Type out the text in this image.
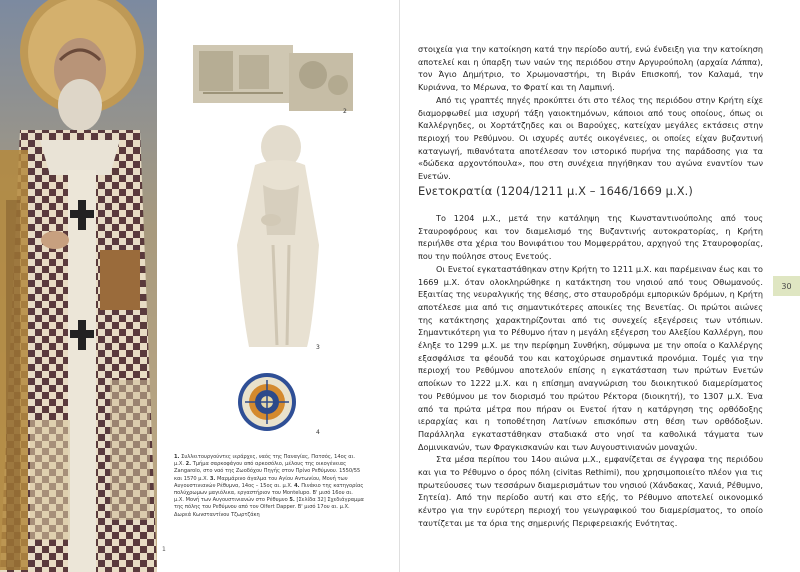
2
3
4
1. Συλλειτουργούντες ιεράρχες, ναός της Παναγίας, Πατσός, 14ος αι. μ.Χ. 2. Τμήμα σαρκοφάγου από αρκοσόλιο, μέλους της οικογένειας Zangarolo, στο ναό της Ζωοδόχου Πηγής στον Πρίνο Ρεθύμνου. 1550/55 και 1570 μ.Χ. 3. Μαρμάρινο άγαλμα του Αγίου Αντωνίου, Μονή των Αυγουστινιανών Ρέθυμνα, 14ος – 15ος αι. μ.Χ. 4. Πινάκιο της κατηγορίας πολύχρωμων μαγιόλικα, εργαστήριον του Montelupo. Β' μισό 16ου αι. μ.Χ. Μονή των Αυγουστινιανών στο Ρέθυμνο 5. [Σελίδα 32] Σχεδιάγραμμα της πόλης του Ρεθύμνου από τον Olfert Dapper. Β' μισό 17ου αι. μ.Χ. Δωρεά Κωνσταντίνου Τζωρτζάκη
1

στοιχεία για την κατοίκηση κατά την περίοδο αυτή, ενώ ένδειξη για την κατοίκηση αποτελεί και η ύπαρξη των ναών της περιόδου στην Αργυρούπολη (αρχαία Λάππα), τον Άγιο Δημήτριο, το Χρωμοναστήρι, τη Βιράν Επισκοπή, τον Καλαμά, την Κυριάννα, το Μέρωνα, το Φρατί και τη Λαμπινή.

Από τις γραπτές πηγές προκύπτει ότι στο τέλος της περιόδου στην Κρήτη είχε διαμορφωθεί μια ισχυρή τάξη γαιοκτημόνων, κάποιοι από τους οποίους, όπως οι Καλλέργηδες, οι Χορτάτζηδες και οι Βαρούχες, κατείχαν μεγάλες εκτάσεις στην περιοχή του Ρεθύμνου. Οι ισχυρές αυτές οικογένειες, οι οποίες είχαν βυζαντινή καταγωγή, πιθανότατα αποτέλεσαν τον ιστορικό πυρήνα της παράδοσης για τα «δώδεκα αρχοντόπουλα», που στη συνέχεια πηγήθηκαν του αγώνα εναντίον των Ενετών.

Ενετοκρατία (1204/1211 μ.Χ – 1646/1669 μ.Χ.)

Το 1204 μ.Χ., μετά την κατάληψη της Κωνσταντινούπολης από τους Σταυροφόρους και τον διαμελισμό της Βυζαντινής αυτοκρατορίας, η Κρήτη περιήλθε στα χέρια του Βονιφάτιου του Μομφερράτου, αρχηγού της Σταυροφορίας, που την πούλησε στους Ενετούς.

Οι Ενετοί εγκαταστάθηκαν στην Κρήτη το 1211 μ.Χ. και παρέμειναν έως και το 1669 μ.Χ. όταν ολοκληρώθηκε η κατάκτηση του νησιού από τους Οθωμανούς. Εξαιτίας της νευραλγικής της θέσης, στο σταυροδρόμι εμπορικών δρόμων, η Κρήτη αποτέλεσε μια από τις σημαντικότερες αποικίες της Βενετίας. Οι πρώτοι αιώνες της κατάκτησης χαρακτηρίζονται από τις συνεχείς εξεγέρσεις των ντόπιων. Σημαντικότερη για το Ρέθυμνο ήταν η μεγάλη εξέγερση του Αλεξίου Καλλέργη, που έληξε το 1299 μ.Χ. με την περίφημη Συνθήκη, σύμφωνα με την οποία ο Καλλέργης εξασφάλισε τα φέουδά του και κατοχύρωσε σημαντικά προνόμια. Τομές για την περιοχή του Ρεθύμνου αποτελούν επίσης η εγκατάσταση των πρώτων Ενετών αποίκων το 1222 μ.Χ. και η επίσημη αναγνώριση του διοικητικού διαμερίσματος του Ρεθύμνου με τον διορισμό του πρώτου Ρέκτορα (διοικητή), το 1307 μ.Χ. Ένα από τα πρώτα μέτρα που πήραν οι Ενετοί ήταν η κατάργηση της ορθόδοξης ιεραρχίας και η τοποθέτηση Λατίνων επισκόπων στη θέση των ορθόδοξων. Παράλληλα εγκαταστάθηκαν σταδιακά στο νησί τα καθολικά τάγματα των Δομινικανών, των Φραγκισκανών και των Αυγουστινιανών μοναχών.

Στα μέσα περίπου του 14ου αιώνα μ.Χ., εμφανίζεται σε έγγραφα της περιόδου και για το Ρέθυμνο ο όρος πόλη (civitas Rethimi), που χρησιμοποιείτο πλέον για τις πρωτεύουσες των τεσσάρων διαμερισμάτων του νησιού (Χάνδακας, Χανιά, Ρέθυμνο, Σητεία). Από την περίοδο αυτή και στο εξής, το Ρέθυμνο αποτελεί οικονομικό κέντρο για την ευρύτερη περιοχή του γεωγραφικού του διαμερίσματος, το οποίο ταυτίζεται με τα όρια της σημερινής Περιφερειακής Ενότητας.

30
